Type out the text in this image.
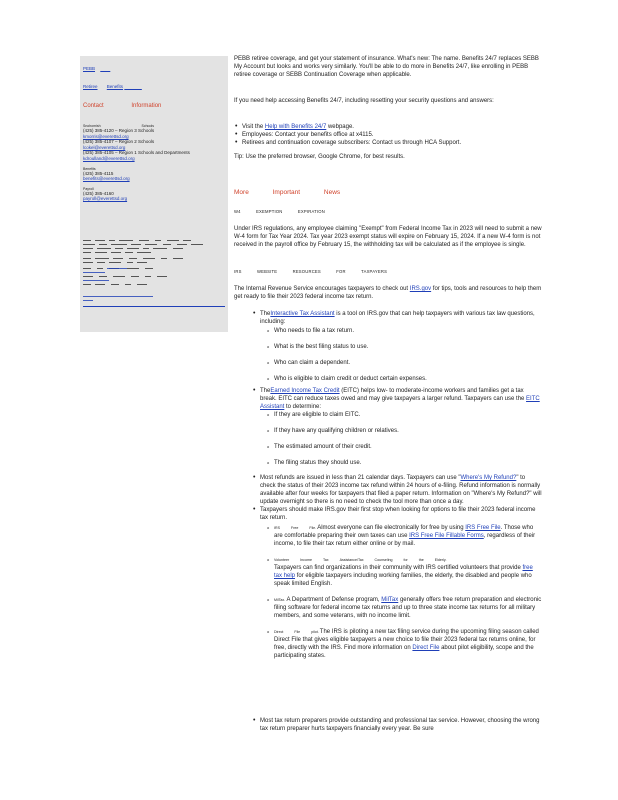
PEBB
Retiree Benefits
Contact	Information
Snohomish	Schools
(425) 385-4120 – Region 3 Schools
kmorris@everettsd.org
(425) 385-4107 – Region 2 Schools
lcokel@everettsd.org
(425) 385-4105 – Region 1 Schools and Departments
kdroulland@everettsd.org
Benefits
(425) 385-4115
benefits@everettsd.org
Payroll
(425) 385-4160
payroll@everettsd.org

PEBB retiree coverage, and get your statement of insurance. What's new: The name. Benefits 24/7 replaces SEBB My Account but looks and works very similarly. You'll be able to do more in Benefits 24/7, like enrolling in PEBB retiree coverage or SEBB Continuation Coverage when applicable.

If you need help accessing Benefits 24/7, including resetting your security questions and answers:

• Visit the Help with Benefits 24/7 webpage.
• Employees: Contact your benefits office at x4115.
• Retirees and continuation coverage subscribers: Contact us through HCA Support.

Tip: Use the preferred browser, Google Chrome, for best results.

More	Important	News
W4	EXEMPTION	EXPIRATION

Under IRS regulations, any employee claiming "Exempt" from Federal Income Tax in 2023 will need to submit a new W-4 form for Tax Year 2024. Tax year 2023 exempt status will expire on February 15, 2024. If a new W-4 form is not received in the payroll office by February 15, the withholding tax will be calculated as if the employee is single.

IRS	WEBSITE	RESOURCES	FOR	TAXPAYERS

The Internal Revenue Service encourages taxpayers to check out IRS.gov for tips, tools and resources to help them get ready to file their 2023 federal income tax return.

• TheInteractive Tax Assistant is a tool on IRS.gov that can help taxpayers with various tax law questions, including:
o Who needs to file a tax return.
o What is the best filing status to use.
o Who can claim a dependent.
o Who is eligible to claim credit or deduct certain expenses.
• TheEarned Income Tax Credit (EITC) helps low- to moderate-income workers and families get a tax break. EITC can reduce taxes owed and may give taxpayers a larger refund. Taxpayers can use the EITC Assistant to determine:
o If they are eligible to claim EITC.
o If they have any qualifying children or relatives.
o The estimated amount of their credit.
o The filing status they should use.
• Most refunds are issued in less than 21 calendar days. Taxpayers can use "Where's My Refund?" to check the status of their 2023 income tax refund within 24 hours of e-filing. Refund information is normally available after four weeks for taxpayers that filed a paper return. Information on "Where's My Refund?" will update overnight so there is no need to check the tool more than once a day.
• Taxpayers should make IRS.gov their first stop when looking for options to file their 2023 federal income tax return.
o IRS	Free	File. Almost everyone can file electronically for free by using IRS Free File. Those who are comfortable preparing their own taxes can use IRS Free File Fillable Forms, regardless of their income, to file their tax return either online or by mail.
o Volunteer	Income	Tax	Assistance/Tax	Counseling	for	the	Elderly.
Taxpayers can find organizations in their community with IRS certified volunteers that provide free tax help for eligible taxpayers including working families, the elderly, the disabled and people who speak limited English.
o MilTax. A Department of Defense program, MilTax generally offers free return preparation and electronic filing software for federal income tax returns and up to three state income tax returns for all military members, and some veterans, with no income limit.
o Direct	File	pilot. The IRS is piloting a new tax filing service during the upcoming filing season called Direct File that gives eligible taxpayers a new choice to file their 2023 federal tax returns online, for free, directly with the IRS. Find more information on Direct File about pilot eligibility, scope and the participating states.
• Most tax return preparers provide outstanding and professional tax service. However, choosing the wrong tax return preparer hurts taxpayers financially every year. Be sure
